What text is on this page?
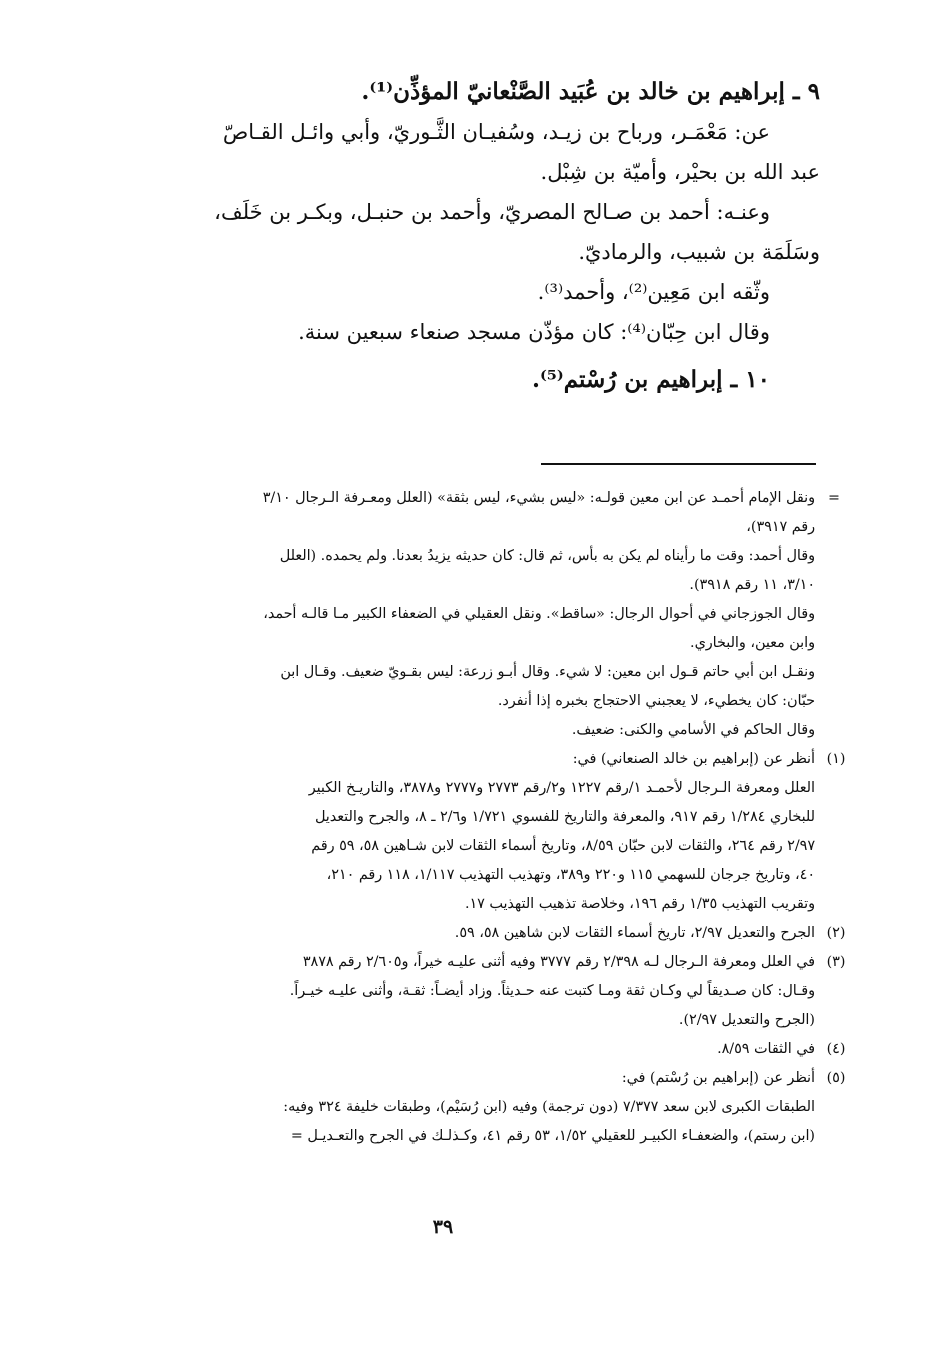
٩ ـ إبراهيم بن خالد بن عُبَيد الصَّنْعانيّ المؤذِّن⁽¹⁾.

عن: مَعْمَـر، ورباح بن زيـد، وسُفيـان الثَّـوريّ، وأبي وائـل القـاصّ

عبد الله بن بحيْر، وأميّة بن شِبْل.

وعنـه: أحمد بن صـالح المصريّ، وأحمد بن حنبـل، وبكـر بن خَلَف،

وسَلَمَة بن شبيب، والرماديّ.

وثّقه ابن مَعِين⁽²⁾، وأحمد⁽³⁾.

وقال ابن حِبّان⁽⁴⁾: كان مؤذّن مسجد صنعاء سبعين سنة.

١٠ ـ إبراهيم بن رُسْتم⁽⁵⁾.

=

ونقل الإمام أحمـد عن ابن معين قولـه: «ليس بشيء، ليس بثقة» (العلل ومعـرفة الـرجال ٣/١٠

رقم ٣٩١٧)،

وقال أحمد: وقت ما رأيناه لم يكن به بأس، ثم قال: كان حديثه يزيدُ بعدنا. ولم يحمده. (العلل

٣/١٠، ١١ رقم ٣٩١٨).

وقال الجوزجاني في أحوال الرجال: «ساقط». ونقل العقيلي في الضعفاء الكبير مـا قالـه أحمد،

وابن معين، والبخاري.

ونقـل ابن أبي حاتم قـول ابن معين: لا شيء. وقال أبـو زرعة: ليس بقـويّ ضعيف. وقـال ابن

حبّان: كان يخطيء، لا يعجبني الاحتجاج بخبره إذا أنفرد.

وقال الحاكم في الأسامي والكنى: ضعيف.

(١)

أنظر عن (إبراهيم بن خالد الصنعاني) في:

العلل ومعرفة الـرجال لأحمـد ١/رقم ١٢٢٧ و٢/رقم ٢٧٧٣ و٢٧٧٧ و٣٨٧٨، والتاريـخ الكبير

للبخاري ١/٢٨٤ رقم ٩١٧، والمعرفة والتاريخ للفسوي ١/٧٢١ و٢/٦ ـ ٨، والجرح والتعديل

٢/٩٧ رقم ٢٦٤، والثقات لابن حبّان ٨/٥٩، وتاريخ أسماء الثقات لابن شـاهين ٥٨، ٥٩ رقم

٤٠، وتاريخ جرجان للسهمي ١١٥ و٢٢٠ و٣٨٩، وتهذيب التهذيب ١/١١٧، ١١٨ رقم ٢١٠،

وتقريب التهذيب ١/٣٥ رقم ١٩٦، وخلاصة تذهيب التهذيب ١٧.

(٢)

الجرح والتعديل ٢/٩٧، تاريخ أسماء الثقات لابن شاهين ٥٨، ٥٩.

(٣)

في العلل ومعرفة الـرجال لـه ٢/٣٩٨ رقم ٣٧٧٧ وفيه أثنى عليـه خيراً، و٢/٦٠٥ رقم ٣٨٧٨

وقـال: كان صـديقاً لي وكـان ثقة ومـا كتبت عنه حـديثاً. وزاد أيضـاً: ثقـة، وأثنى عليـه خيـراً.

(الجرح والتعديل ٢/٩٧).

(٤)

في الثقات ٨/٥٩.

(٥)

أنظر عن (إبراهيم بن رُسْتم) في:

الطبقات الكبرى لابن سعد ٧/٣٧٧ (دون ترجمة) وفيه (ابن رُسَيْم)، وطبقات خليفة ٣٢٤ وفيه:

(ابن رستم)، والضعفـاء الكبيـر للعقيلي ١/٥٢، ٥٣ رقم ٤١، وكـذلـك في الجرح والتعـديـل =

٣٩
